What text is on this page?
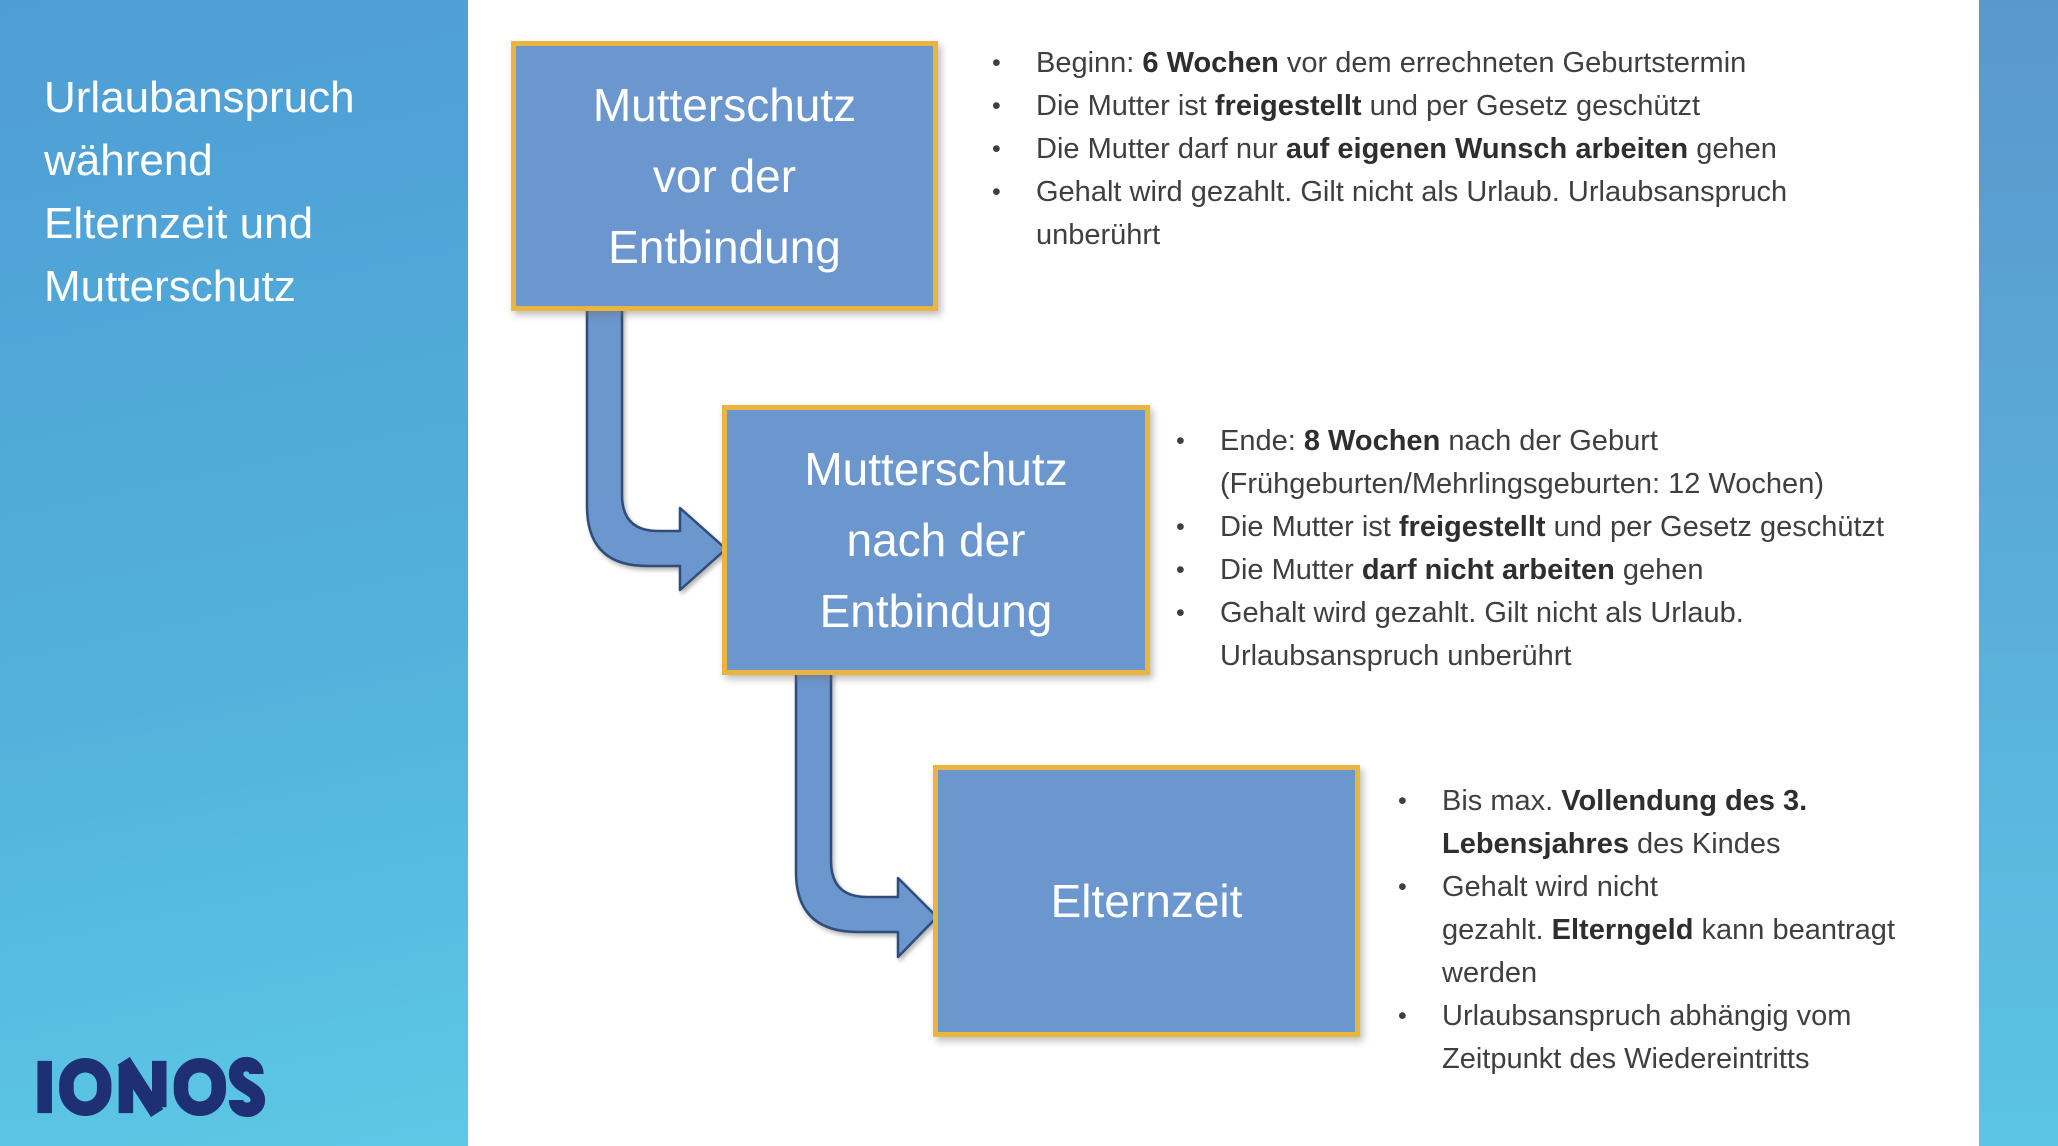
Urlaubanspruch
während
Elternzeit und
Mutterschutz
Mutterschutz
vor der
Entbindung
Mutterschutz
nach der
Entbindung
Elternzeit
•	Beginn: 6 Wochen vor dem errechneten Geburtstermin
•	Die Mutter ist freigestellt und per Gesetz geschützt
•	Die Mutter darf nur auf eigenen Wunsch arbeiten gehen
•	Gehalt wird gezahlt. Gilt nicht als Urlaub. Urlaubsanspruch
unberührt
•	Ende: 8 Wochen nach der Geburt
(Frühgeburten/Mehrlingsgeburten: 12 Wochen)
•	Die Mutter ist freigestellt und per Gesetz geschützt
•	Die Mutter darf nicht arbeiten gehen
•	Gehalt wird gezahlt. Gilt nicht als Urlaub.
Urlaubsanspruch unberührt
•	Bis max. Vollendung des 3.
Lebensjahres des Kindes
•	Gehalt wird nicht
gezahlt. Elterngeld kann beantragt
werden
•	Urlaubsanspruch abhängig vom
Zeitpunkt des Wiedereintritts
